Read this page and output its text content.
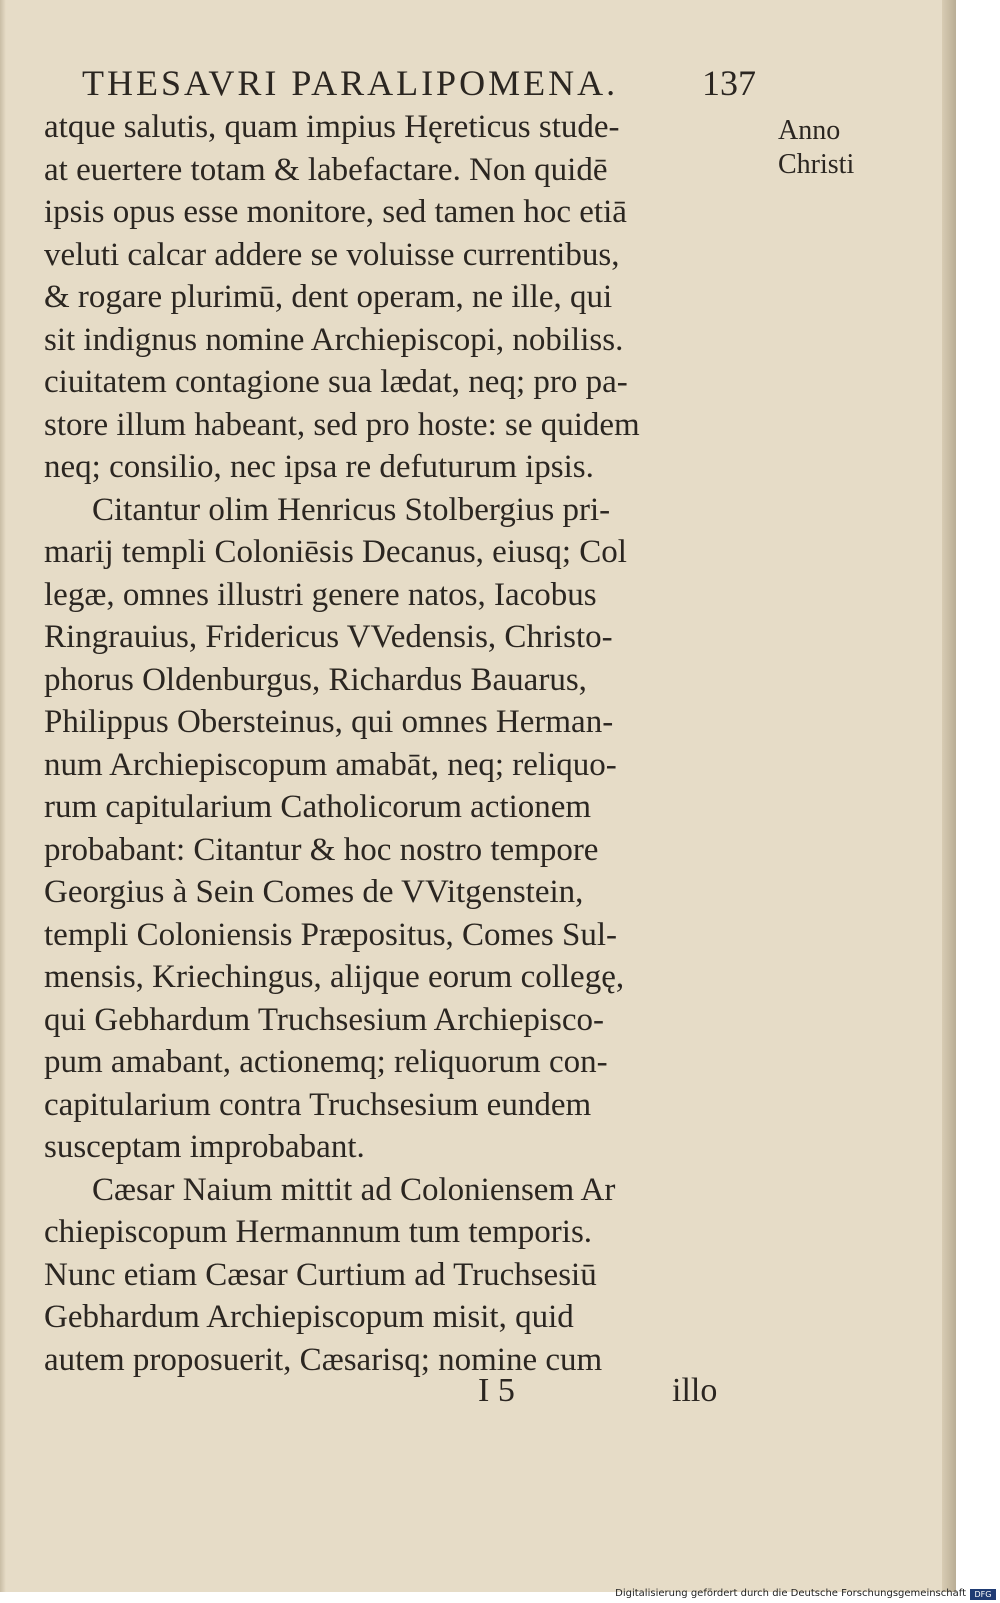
THESAVRI PARALIPOMENA. 137
Anno
Christi
atque salutis, quam impius Hęreticus stude-
at euertere totam & labefactare. Non quidē
ipsis opus esse monitore, sed tamen hoc etiā
veluti calcar addere se voluisse currentibus,
& rogare plurimū, dent operam, ne ille, qui
sit indignus nomine Archiepiscopi, nobiliss.
ciuitatem contagione sua lædat, neq; pro pa-
store illum habeant, sed pro hoste: se quidem
neq; consilio, nec ipsa re defuturum ipsis.
Citantur olim Henricus Stolbergius pri-
marij templi Coloniēsis Decanus, eiusq; Col
legæ, omnes illustri genere natos, Iacobus
Ringrauius, Fridericus VVedensis, Christo-
phorus Oldenburgus, Richardus Bauarus,
Philippus Obersteinus, qui omnes Herman-
num Archiepiscopum amabāt, neq; reliquo-
rum capitularium Catholicorum actionem
probabant: Citantur & hoc nostro tempore
Georgius à Sein Comes de VVitgenstein,
templi Coloniensis Præpositus, Comes Sul-
mensis, Kriechingus, alijque eorum collegę,
qui Gebhardum Truchsesium Archiepisco-
pum amabant, actionemq; reliquorum con-
capitularium contra Truchsesium eundem
susceptam improbabant.
Cæsar Naium mittit ad Coloniensem Ar
chiepiscopum Hermannum tum temporis.
Nunc etiam Cæsar Curtium ad Truchsesiū
Gebhardum Archiepiscopum misit, quid
autem proposuerit, Cæsarisq; nomine cum
I 5	illo
Digitalisierung gefördert durch die Deutsche Forschungsgemeinschaft	DFG
